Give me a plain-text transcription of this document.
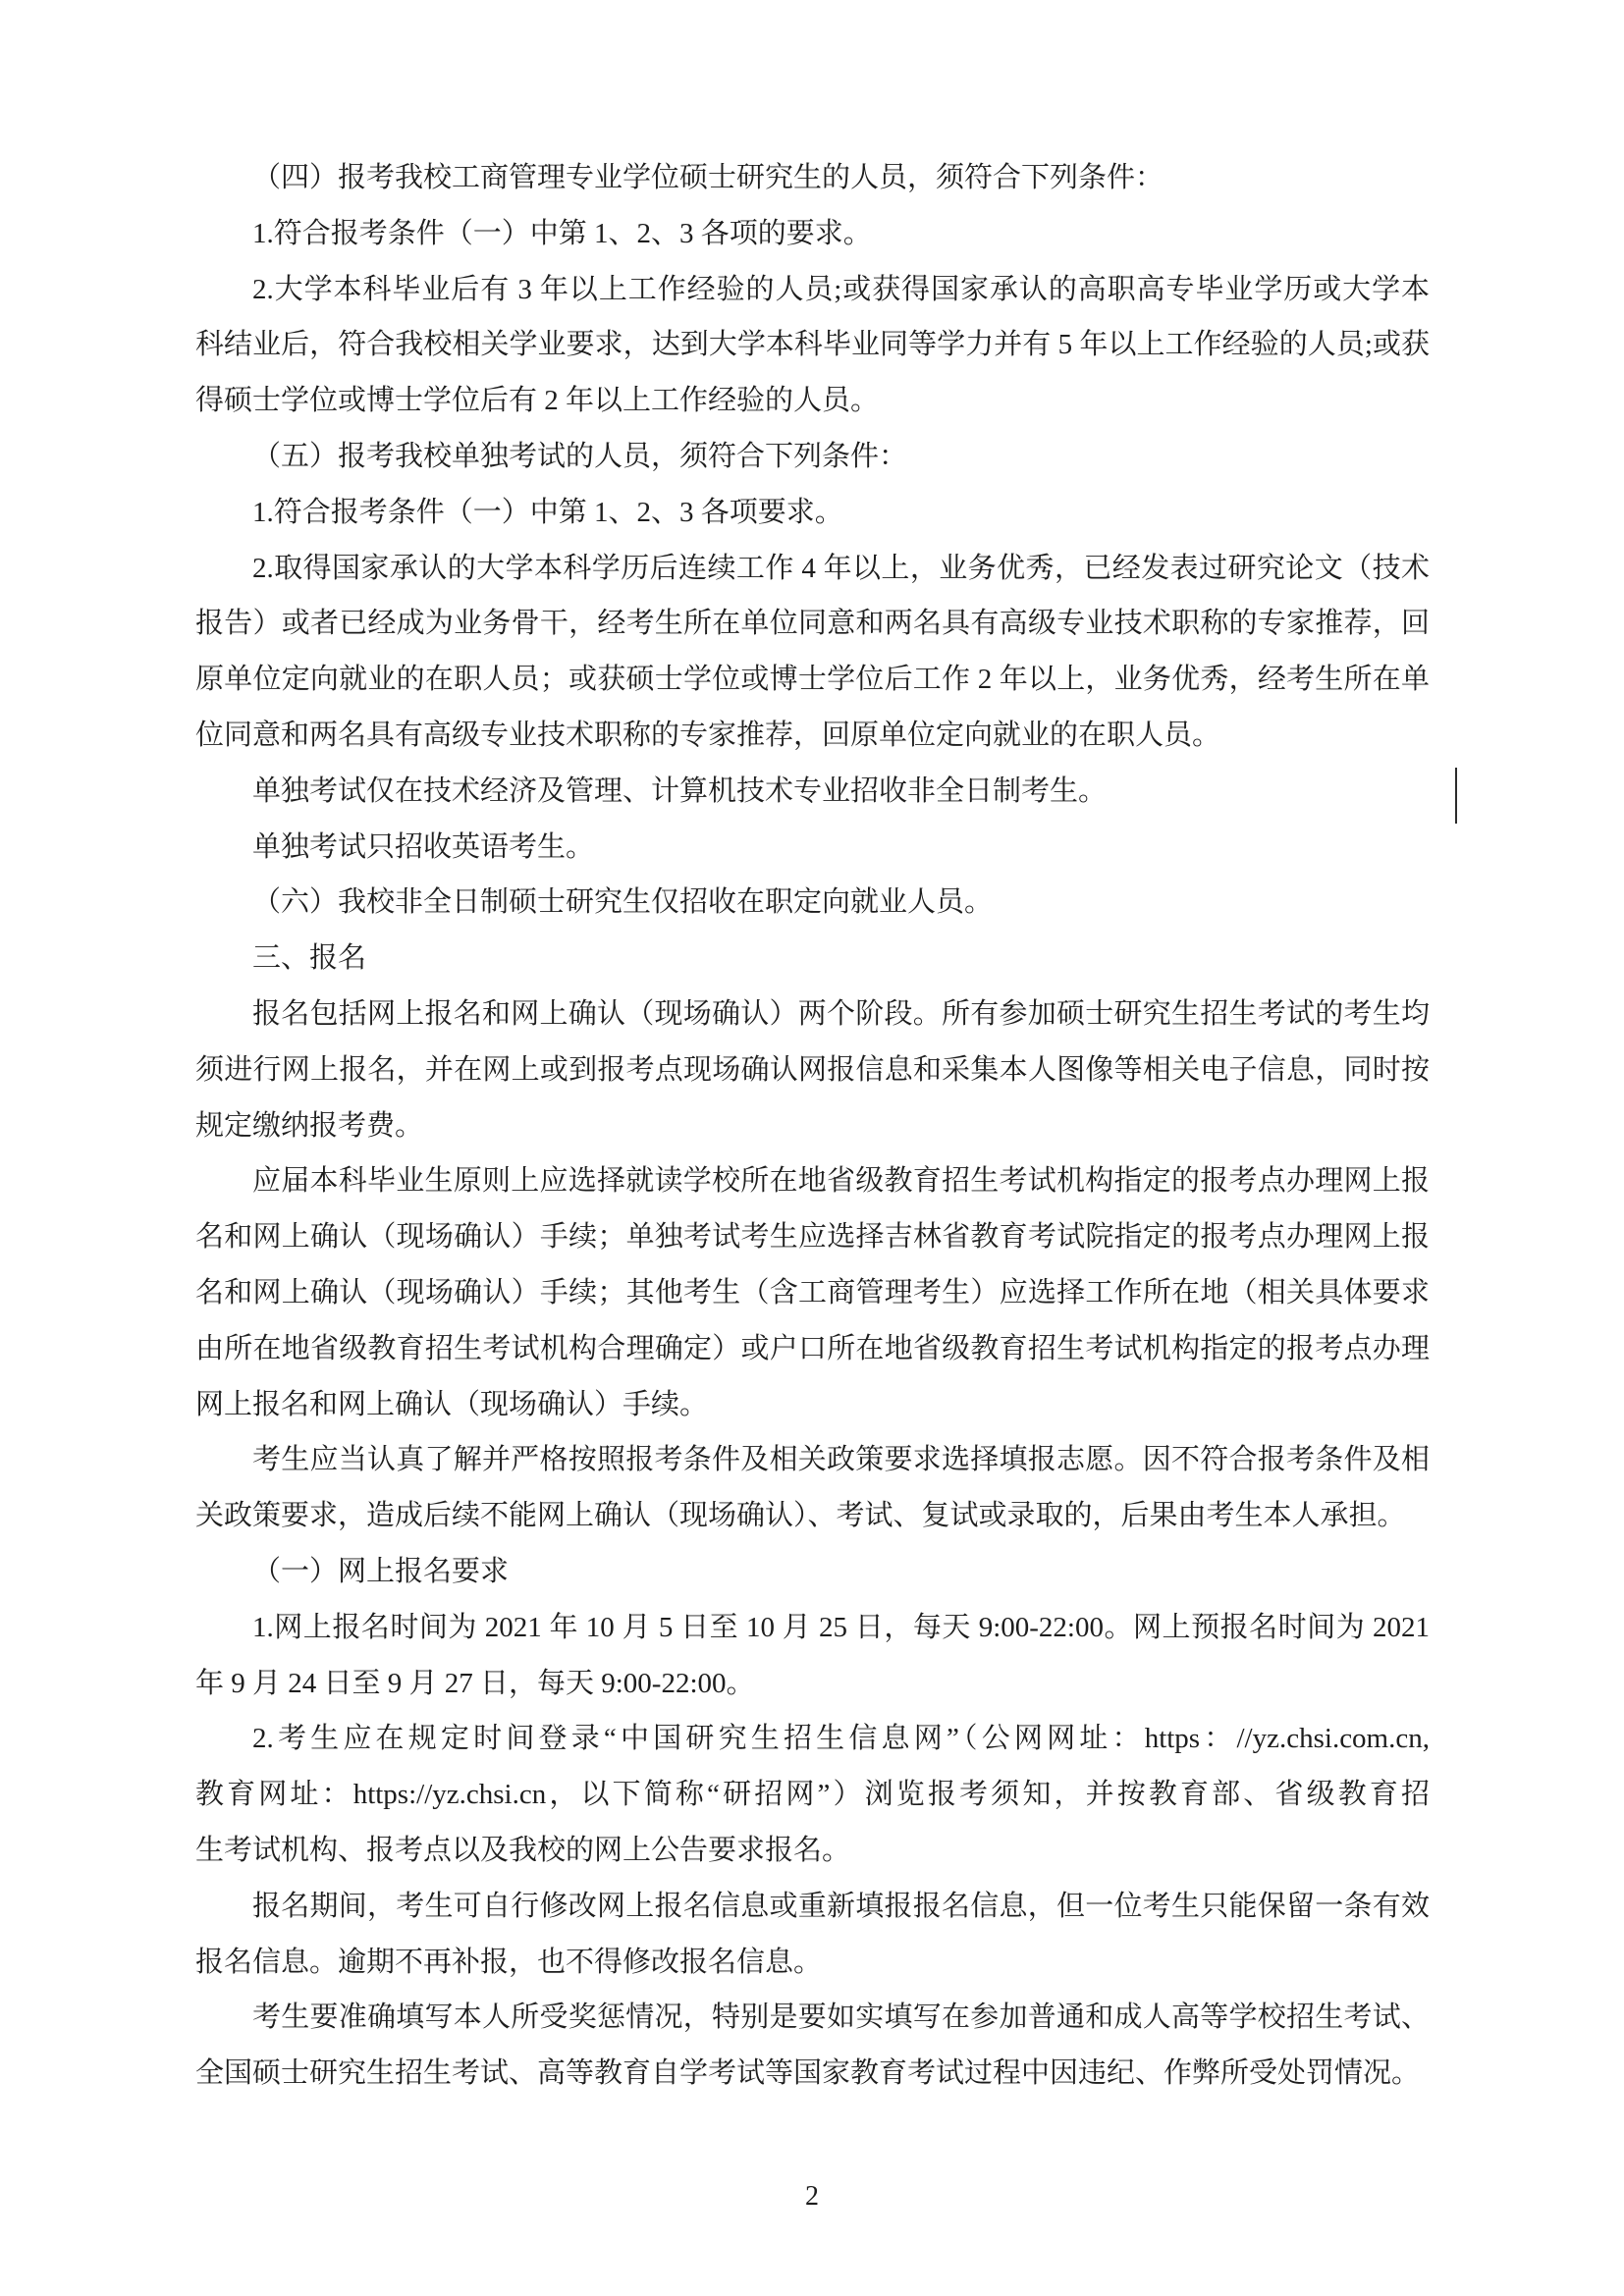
（四）报考我校工商管理专业学位硕士研究生的人员，须符合下列条件：
1.符合报考条件（一）中第 1、2、3 各项的要求。
2.大学本科毕业后有 3 年以上工作经验的人员;或获得国家承认的高职高专毕业学历或大学本
科结业后，符合我校相关学业要求，达到大学本科毕业同等学力并有 5 年以上工作经验的人员;或获
得硕士学位或博士学位后有 2 年以上工作经验的人员。
（五）报考我校单独考试的人员，须符合下列条件：
1.符合报考条件（一）中第 1、2、3 各项要求。
2.取得国家承认的大学本科学历后连续工作 4 年以上，业务优秀，已经发表过研究论文（技术
报告）或者已经成为业务骨干，经考生所在单位同意和两名具有高级专业技术职称的专家推荐，回
原单位定向就业的在职人员；或获硕士学位或博士学位后工作 2 年以上，业务优秀，经考生所在单
位同意和两名具有高级专业技术职称的专家推荐，回原单位定向就业的在职人员。
单独考试仅在技术经济及管理、计算机技术专业招收非全日制考生。
单独考试只招收英语考生。
（六）我校非全日制硕士研究生仅招收在职定向就业人员。
三、报名
报名包括网上报名和网上确认（现场确认）两个阶段。所有参加硕士研究生招生考试的考生均
须进行网上报名，并在网上或到报考点现场确认网报信息和采集本人图像等相关电子信息，同时按
规定缴纳报考费。
应届本科毕业生原则上应选择就读学校所在地省级教育招生考试机构指定的报考点办理网上报
名和网上确认（现场确认）手续；单独考试考生应选择吉林省教育考试院指定的报考点办理网上报
名和网上确认（现场确认）手续；其他考生（含工商管理考生）应选择工作所在地（相关具体要求
由所在地省级教育招生考试机构合理确定）或户口所在地省级教育招生考试机构指定的报考点办理
网上报名和网上确认（现场确认）手续。
考生应当认真了解并严格按照报考条件及相关政策要求选择填报志愿。因不符合报考条件及相
关政策要求，造成后续不能网上确认（现场确认）、考试、复试或录取的，后果由考生本人承担。
（一）网上报名要求
1.网上报名时间为 2021 年 10 月 5 日至 10 月 25 日，每天 9:00-22:00。网上预报名时间为 2021
年 9 月 24 日至 9 月 27 日，每天 9:00-22:00。
2.考生应在规定时间登录“中国研究生招生信息网”（公网网址：https：//yz.chsi.com.cn,
教育网址：https://yz.chsi.cn，以下简称“研招网”）浏览报考须知，并按教育部、省级教育招
生考试机构、报考点以及我校的网上公告要求报名。
报名期间，考生可自行修改网上报名信息或重新填报报名信息，但一位考生只能保留一条有效
报名信息。逾期不再补报，也不得修改报名信息。
考生要准确填写本人所受奖惩情况，特别是要如实填写在参加普通和成人高等学校招生考试、
全国硕士研究生招生考试、高等教育自学考试等国家教育考试过程中因违纪、作弊所受处罚情况。
2
